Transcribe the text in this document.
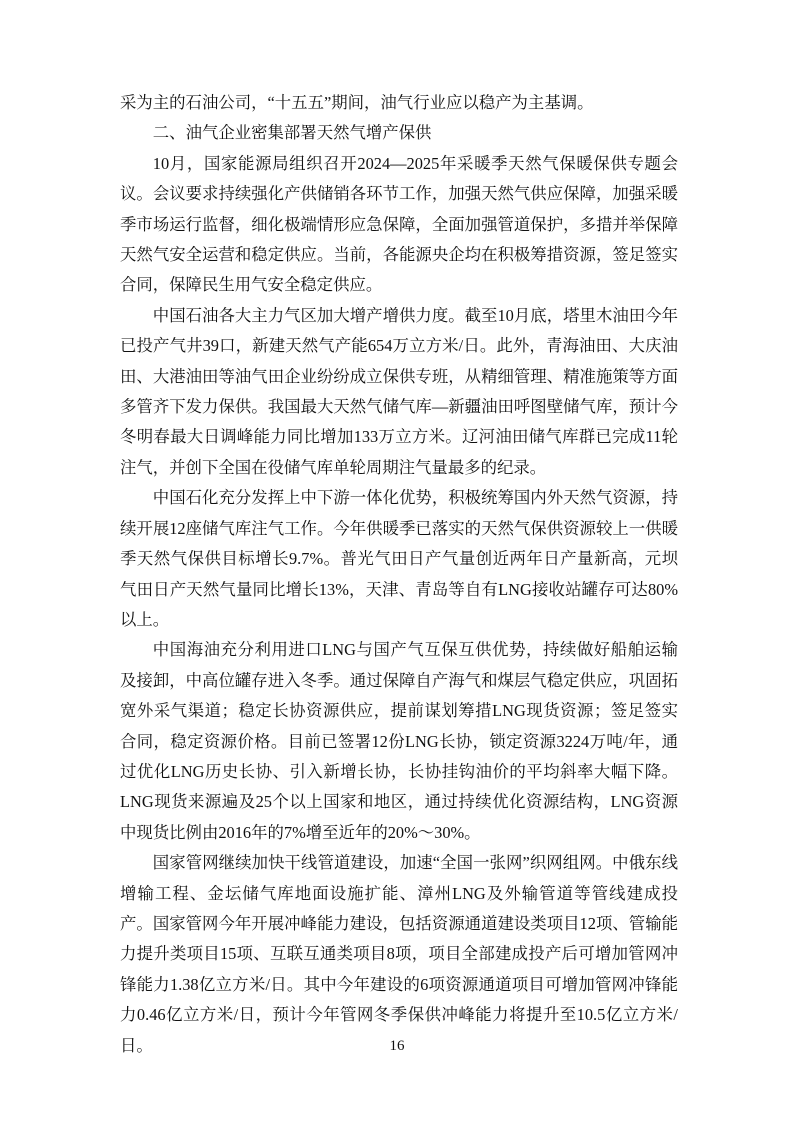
采为主的石油公司，“十五五”期间，油气行业应以稳产为主基调。

二、油气企业密集部署天然气增产保供

10月，国家能源局组织召开2024—2025年采暖季天然气保暖保供专题会议。会议要求持续强化产供储销各环节工作，加强天然气供应保障，加强采暖季市场运行监督，细化极端情形应急保障，全面加强管道保护，多措并举保障天然气安全运营和稳定供应。当前，各能源央企均在积极筹措资源，签足签实合同，保障民生用气安全稳定供应。

中国石油各大主力气区加大增产增供力度。截至10月底，塔里木油田今年已投产气井39口，新建天然气产能654万立方米/日。此外，青海油田、大庆油田、大港油田等油气田企业纷纷成立保供专班，从精细管理、精准施策等方面多管齐下发力保供。我国最大天然气储气库—新疆油田呼图壁储气库，预计今冬明春最大日调峰能力同比增加133万立方米。辽河油田储气库群已完成11轮注气，并创下全国在役储气库单轮周期注气量最多的纪录。

中国石化充分发挥上中下游一体化优势，积极统筹国内外天然气资源，持续开展12座储气库注气工作。今年供暖季已落实的天然气保供资源较上一供暖季天然气保供目标增长9.7%。普光气田日产气量创近两年日产量新高，元坝气田日产天然气量同比增长13%，天津、青岛等自有LNG接收站罐存可达80%以上。

中国海油充分利用进口LNG与国产气互保互供优势，持续做好船舶运输及接卸，中高位罐存进入冬季。通过保障自产海气和煤层气稳定供应，巩固拓宽外采气渠道；稳定长协资源供应，提前谋划筹措LNG现货资源；签足签实合同，稳定资源价格。目前已签署12份LNG长协，锁定资源3224万吨/年，通过优化LNG历史长协、引入新增长协，长协挂钩油价的平均斜率大幅下降。LNG现货来源遍及25个以上国家和地区，通过持续优化资源结构，LNG资源中现货比例由2016年的7%增至近年的20%～30%。

国家管网继续加快干线管道建设，加速“全国一张网”织网组网。中俄东线增输工程、金坛储气库地面设施扩能、漳州LNG及外输管道等管线建成投产。国家管网今年开展冲峰能力建设，包括资源通道建设类项目12项、管输能力提升类项目15项、互联互通类项目8项，项目全部建成投产后可增加管网冲锋能力1.38亿立方米/日。其中今年建设的6项资源通道项目可增加管网冲锋能力0.46亿立方米/日，预计今年管网冬季保供冲峰能力将提升至10.5亿立方米/日。	16
